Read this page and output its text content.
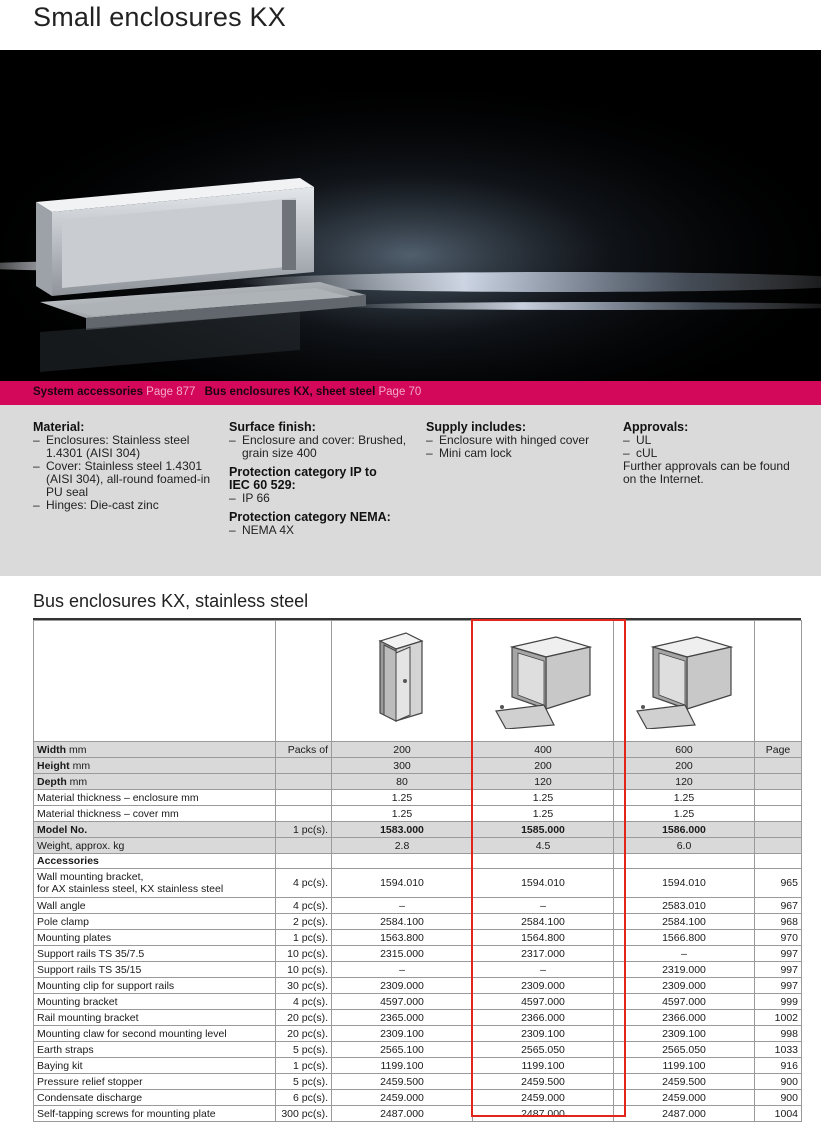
Small enclosures KX
System accessories Page 877 Bus enclosures KX, sheet steel Page 70
Material:
– Enclosures: Stainless steel 1.4301 (AISI 304)
– Cover: Stainless steel 1.4301 (AISI 304), all-round foamed-in PU seal
– Hinges: Die-cast zinc
Surface finish:
– Enclosure and cover: Brushed, grain size 400
Protection category IP to IEC 60 529:
– IP 66
Protection category NEMA:
– NEMA 4X
Supply includes:
– Enclosure with hinged cover
– Mini cam lock
Approvals:
– UL
– cUL

Further approvals can be found on the Internet.

Bus enclosures KX, stainless steel

Width mm	Packs of	200	400	600	Page
Height mm		300	200	200	
Depth mm		80	120	120	
Material thickness – enclosure mm		1.25	1.25	1.25	
Material thickness – cover mm		1.25	1.25	1.25	
Model No.	1 pc(s).	1583.000	1585.000	1586.000	
Weight, approx. kg		2.8	4.5	6.0	
Accessories					
Wall mounting bracket,
for AX stainless steel, KX stainless steel	4 pc(s).	1594.010	1594.010	1594.010	965
Wall angle	4 pc(s).	–	–	2583.010	967
Pole clamp	2 pc(s).	2584.100	2584.100	2584.100	968
Mounting plates	1 pc(s).	1563.800	1564.800	1566.800	970
Support rails TS 35/7.5	10 pc(s).	2315.000	2317.000	–	997
Support rails TS 35/15	10 pc(s).	–	–	2319.000	997
Mounting clip for support rails	30 pc(s).	2309.000	2309.000	2309.000	997
Mounting bracket	4 pc(s).	4597.000	4597.000	4597.000	999
Rail mounting bracket	20 pc(s).	2365.000	2366.000	2366.000	1002
Mounting claw for second mounting level	20 pc(s).	2309.100	2309.100	2309.100	998
Earth straps	5 pc(s).	2565.100	2565.050	2565.050	1033
Baying kit	1 pc(s).	1199.100	1199.100	1199.100	916
Pressure relief stopper	5 pc(s).	2459.500	2459.500	2459.500	900
Condensate discharge	6 pc(s).	2459.000	2459.000	2459.000	900
Self-tapping screws for mounting plate	300 pc(s).	2487.000	2487.000	2487.000	1004
